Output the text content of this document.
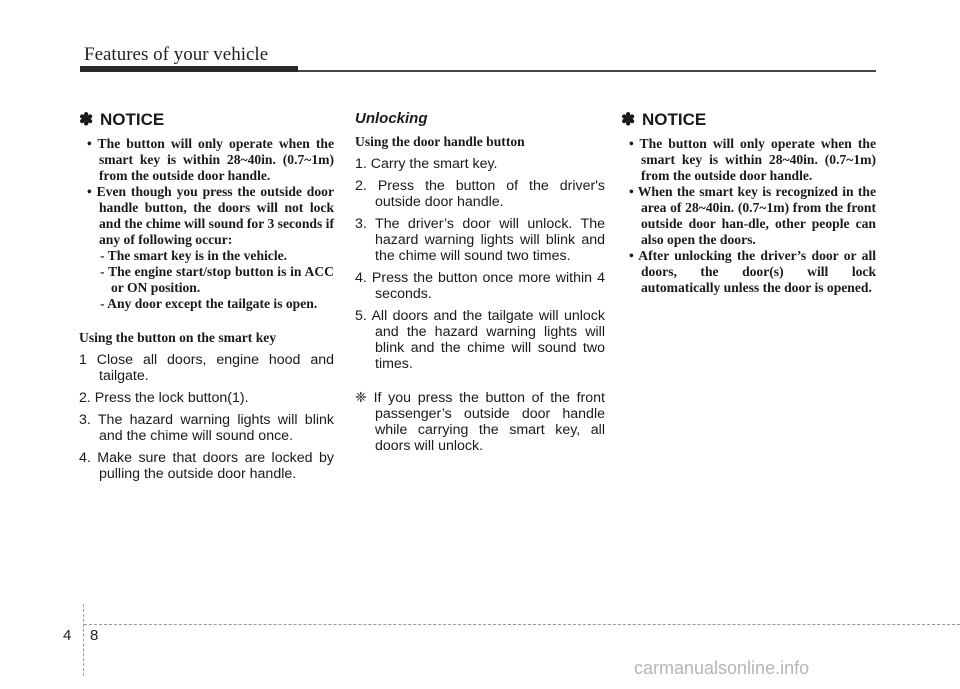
Features of your vehicle
✽ NOTICE

• The button will only operate when the smart key is within 28~40in. (0.7~1m) from the outside door handle.

• Even though you press the outside door handle button, the doors will not lock and the chime will sound for 3 seconds if any of following occur:

- The smart key is in the vehicle.

- The engine start/stop button is in ACC or ON position.

- Any door except the tailgate is open.

Using the button on the smart key

1 Close all doors, engine hood and tailgate.

2. Press the lock button(1).

3. The hazard warning lights will blink and the chime will sound once.

4. Make sure that doors are locked by pulling the outside door handle.

Unlocking
Using the door handle button

1. Carry the smart key.

2. Press the button of the driver's outside door handle.

3. The driver’s door will unlock. The hazard warning lights will blink and the chime will sound two times.

4. Press the button once more within 4 seconds.

5. All doors and the tailgate will unlock and the hazard warning lights will blink and the chime will sound two times.

❈ If you press the button of the front passenger’s outside door handle while carrying the smart key, all doors will unlock.

✽ NOTICE

• The button will only operate when the smart key is within 28~40in. (0.7~1m) from the outside door handle.

• When the smart key is recognized in the area of 28~40in. (0.7~1m) from the front outside door han-dle, other people can also open the doors.

• After unlocking the driver’s door or all doors, the door(s) will lock automatically unless the door is opened.

4 8
carmanualsonline.info
